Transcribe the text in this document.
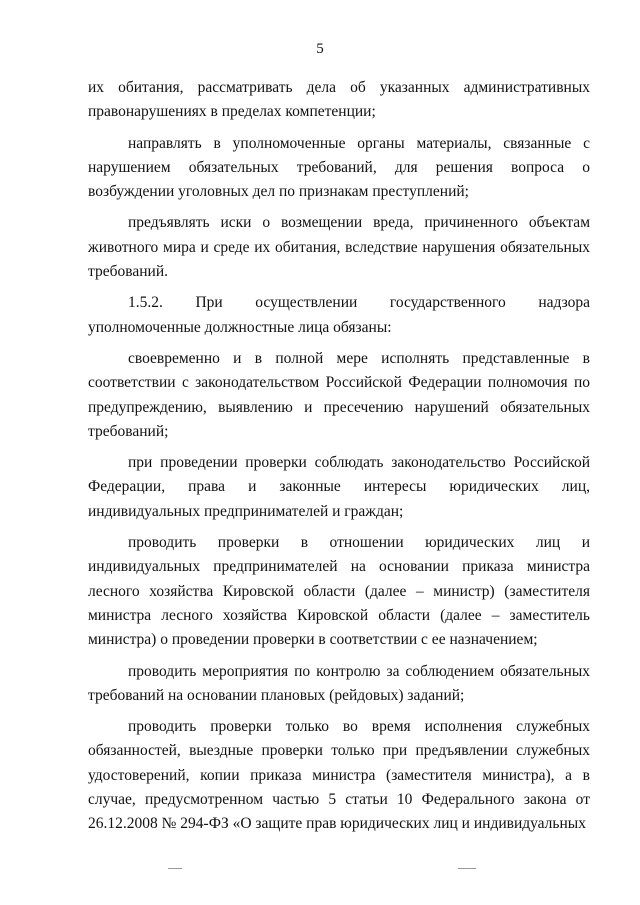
5

их обитания, рассматривать дела об указанных административных правонарушениях в пределах компетенции;

направлять в уполномоченные органы материалы, связанные с нарушением обязательных требований, для решения вопроса о возбуждении уголовных дел по признакам преступлений;

предъявлять иски о возмещении вреда, причиненного объектам животного мира и среде их обитания, вследствие нарушения обязательных требований.

1.5.2. При осуществлении государственного надзора уполномоченные должностные лица обязаны:

своевременно и в полной мере исполнять представленные в соответствии с законодательством Российской Федерации полномочия по предупреждению, выявлению и пресечению нарушений обязательных требований;

при проведении проверки соблюдать законодательство Российской Федерации, права и законные интересы юридических лиц, индивидуальных предпринимателей и граждан;

проводить проверки в отношении юридических лиц и индивидуальных предпринимателей на основании приказа министра лесного хозяйства Кировской области (далее – министр) (заместителя министра лесного хозяйства Кировской области (далее – заместитель министра) о проведении проверки в соответствии с ее назначением;

проводить мероприятия по контролю за соблюдением обязательных требований на основании плановых (рейдовых) заданий;

проводить проверки только во время исполнения служебных обязанностей, выездные проверки только при предъявлении служебных удостоверений, копии приказа министра (заместителя министра), а в случае, предусмотренном частью 5 статьи 10 Федерального закона от 26.12.2008 № 294-ФЗ «О защите прав юридических лиц и индивидуальных
